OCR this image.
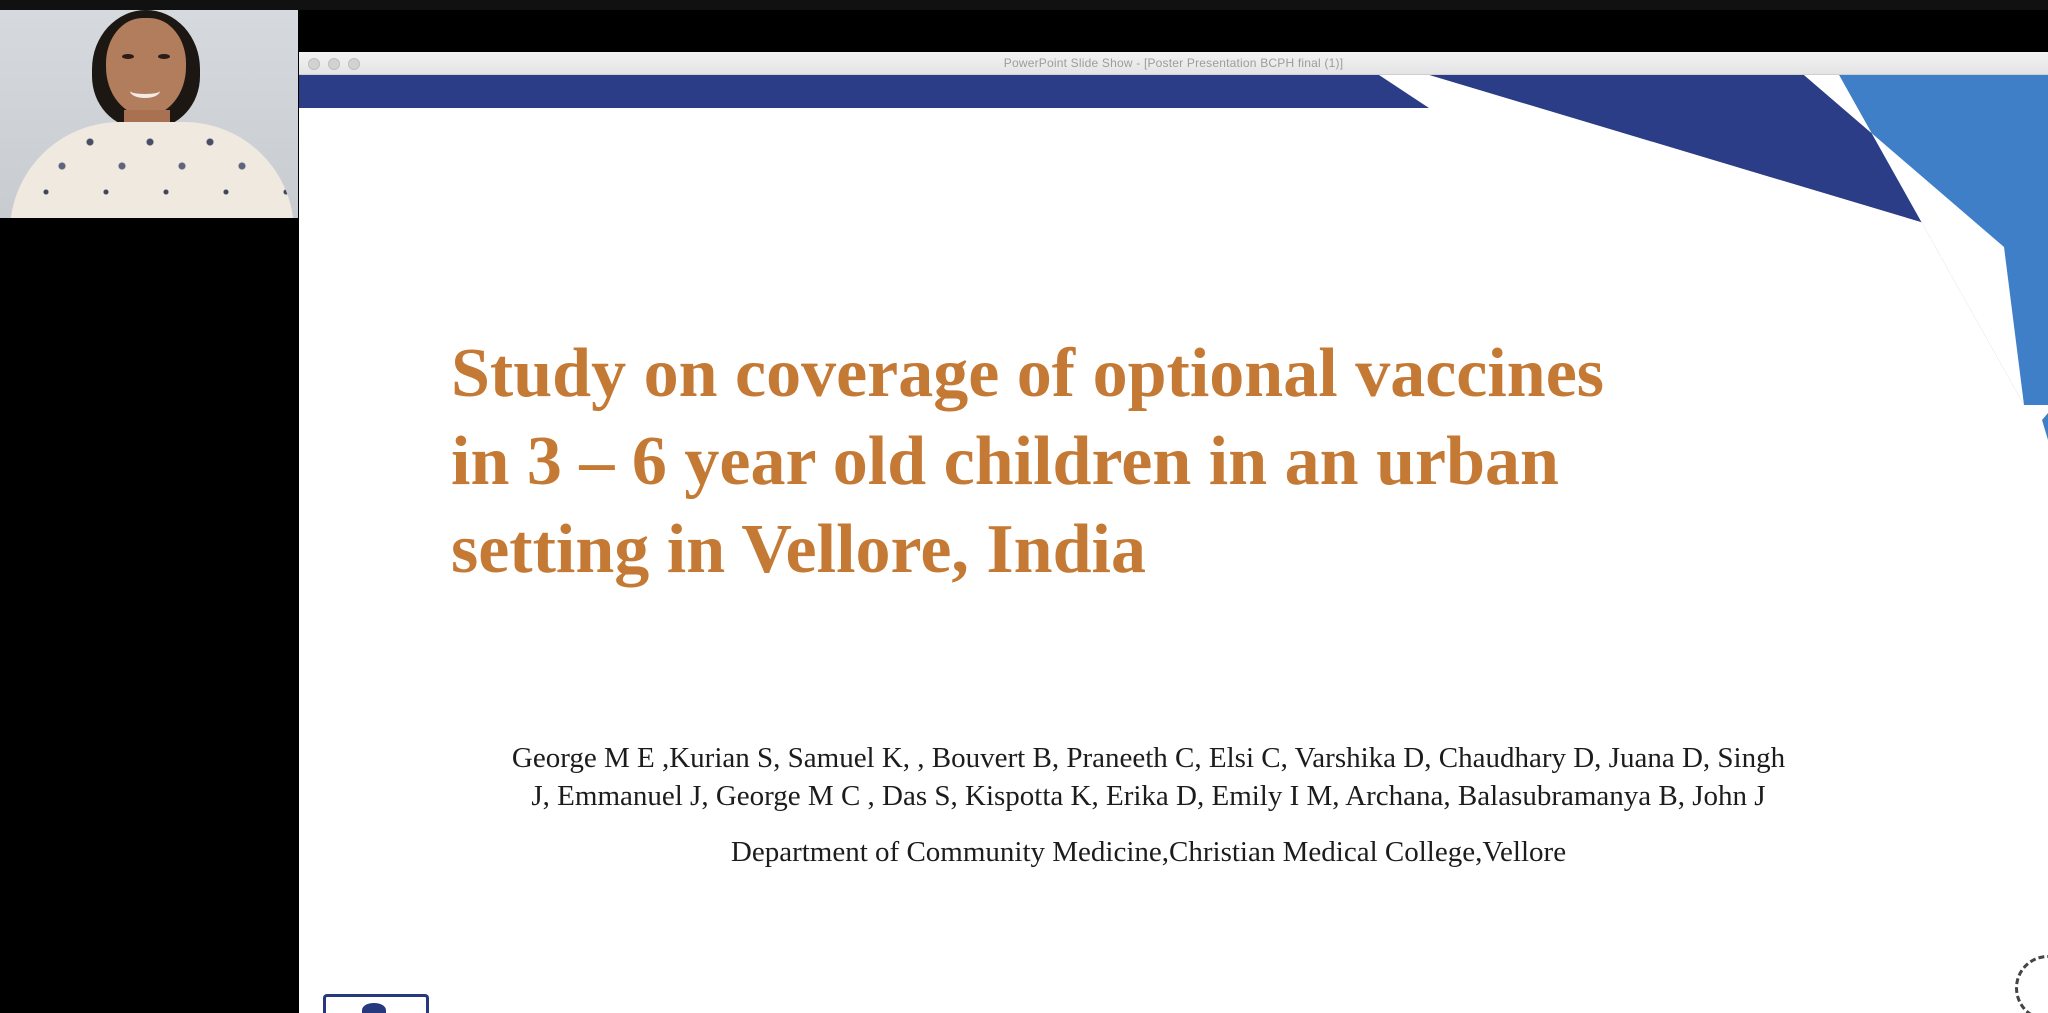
PowerPoint Slide Show - [Poster Presentation BCPH final (1)]
Study on coverage of optional vaccines
in 3 – 6 year old children in an urban
setting in Vellore, India
George M E ,Kurian S, Samuel K, , Bouvert B, Praneeth C, Elsi C, Varshika D, Chaudhary D, Juana D, Singh
J, Emmanuel J, George M C , Das S, Kispotta K, Erika D, Emily I M, Archana, Balasubramanya B, John J
Department of Community Medicine,Christian Medical College,Vellore
